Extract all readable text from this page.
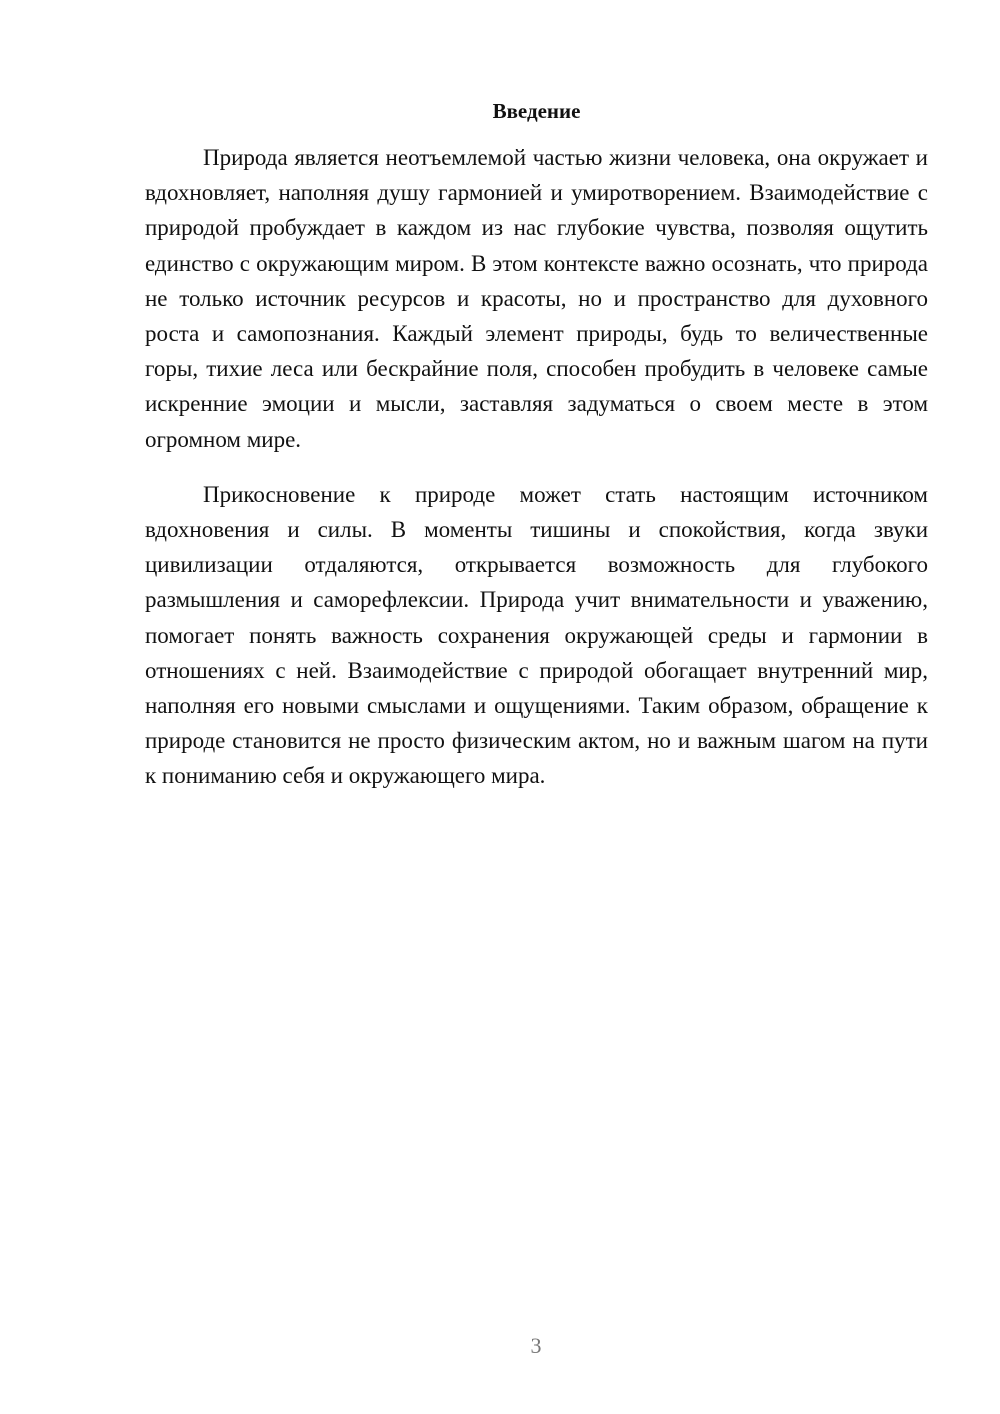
Введение

Природа является неотъемлемой частью жизни человека, она окружает и вдохновляет, наполняя душу гармонией и умиротворением. Взаимодействие с природой пробуждает в каждом из нас глубокие чувства, позволяя ощутить единство с окружающим миром. В этом контексте важно осознать, что природа не только источник ресурсов и красоты, но и пространство для духовного роста и самопознания. Каждый элемент природы, будь то величественные горы, тихие леса или бескрайние поля, способен пробудить в человеке самые искренние эмоции и мысли, заставляя задуматься о своем месте в этом огромном мире.

Прикосновение к природе может стать настоящим источником вдохновения и силы. В моменты тишины и спокойствия, когда звуки цивилизации отдаляются, открывается возможность для глубокого размышления и саморефлексии. Природа учит внимательности и уважению, помогает понять важность сохранения окружающей среды и гармонии в отношениях с ней. Взаимодействие с природой обогащает внутренний мир, наполняя его новыми смыслами и ощущениями. Таким образом, обращение к природе становится не просто физическим актом, но и важным шагом на пути к пониманию себя и окружающего мира.

3
